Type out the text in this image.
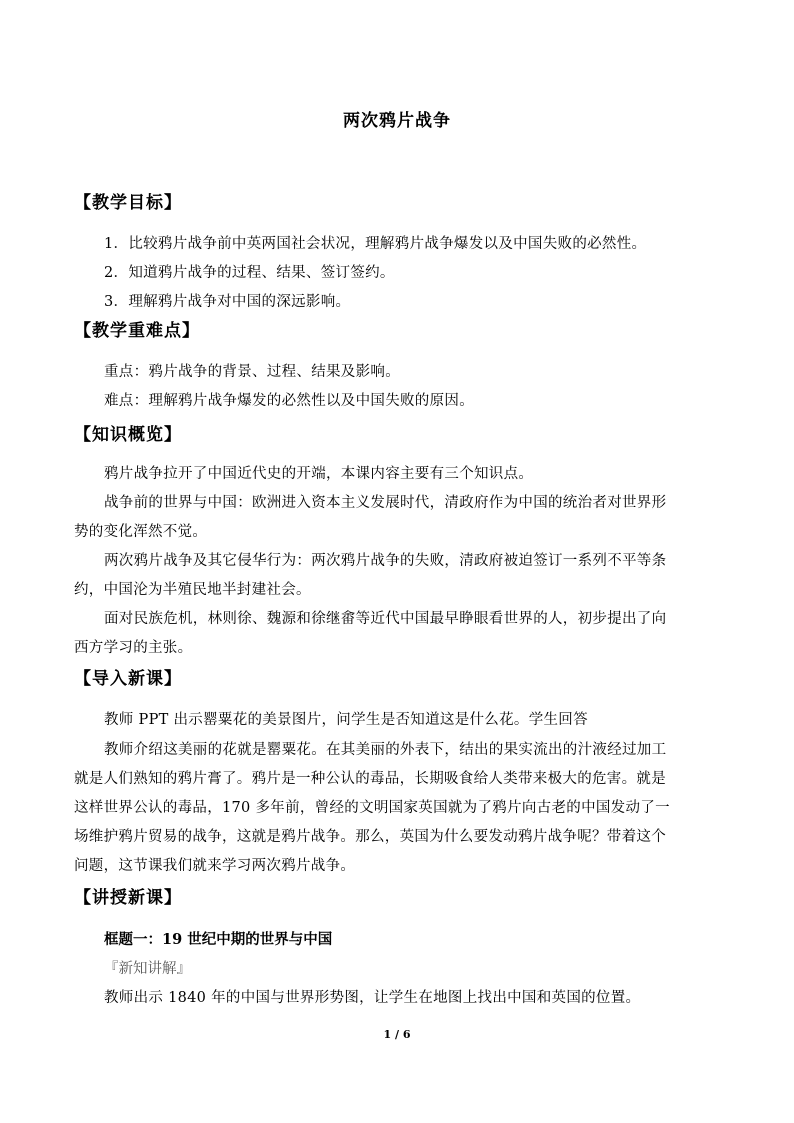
两次鸦片战争
【教学目标】
1．比较鸦片战争前中英两国社会状况，理解鸦片战争爆发以及中国失败的必然性。
2．知道鸦片战争的过程、结果、签订签约。
3．理解鸦片战争对中国的深远影响。
【教学重难点】
重点：鸦片战争的背景、过程、结果及影响。
难点：理解鸦片战争爆发的必然性以及中国失败的原因。
【知识概览】
鸦片战争拉开了中国近代史的开端，本课内容主要有三个知识点。
战争前的世界与中国：欧洲进入资本主义发展时代，清政府作为中国的统治者对世界形
势的变化浑然不觉。
两次鸦片战争及其它侵华行为：两次鸦片战争的失败，清政府被迫签订一系列不平等条
约，中国沦为半殖民地半封建社会。
面对民族危机，林则徐、魏源和徐继畬等近代中国最早睁眼看世界的人，初步提出了向
西方学习的主张。
【导入新课】
教师 PPT 出示罂粟花的美景图片，问学生是否知道这是什么花。学生回答
教师介绍这美丽的花就是罂粟花。在其美丽的外表下，结出的果实流出的汁液经过加工
就是人们熟知的鸦片膏了。鸦片是一种公认的毒品，长期吸食给人类带来极大的危害。就是
这样世界公认的毒品，170 多年前，曾经的文明国家英国就为了鸦片向古老的中国发动了一
场维护鸦片贸易的战争，这就是鸦片战争。那么，英国为什么要发动鸦片战争呢？带着这个
问题，这节课我们就来学习两次鸦片战争。
【讲授新课】
框题一：19 世纪中期的世界与中国
『新知讲解』
教师出示 1840 年的中国与世界形势图，让学生在地图上找出中国和英国的位置。
1 / 6
